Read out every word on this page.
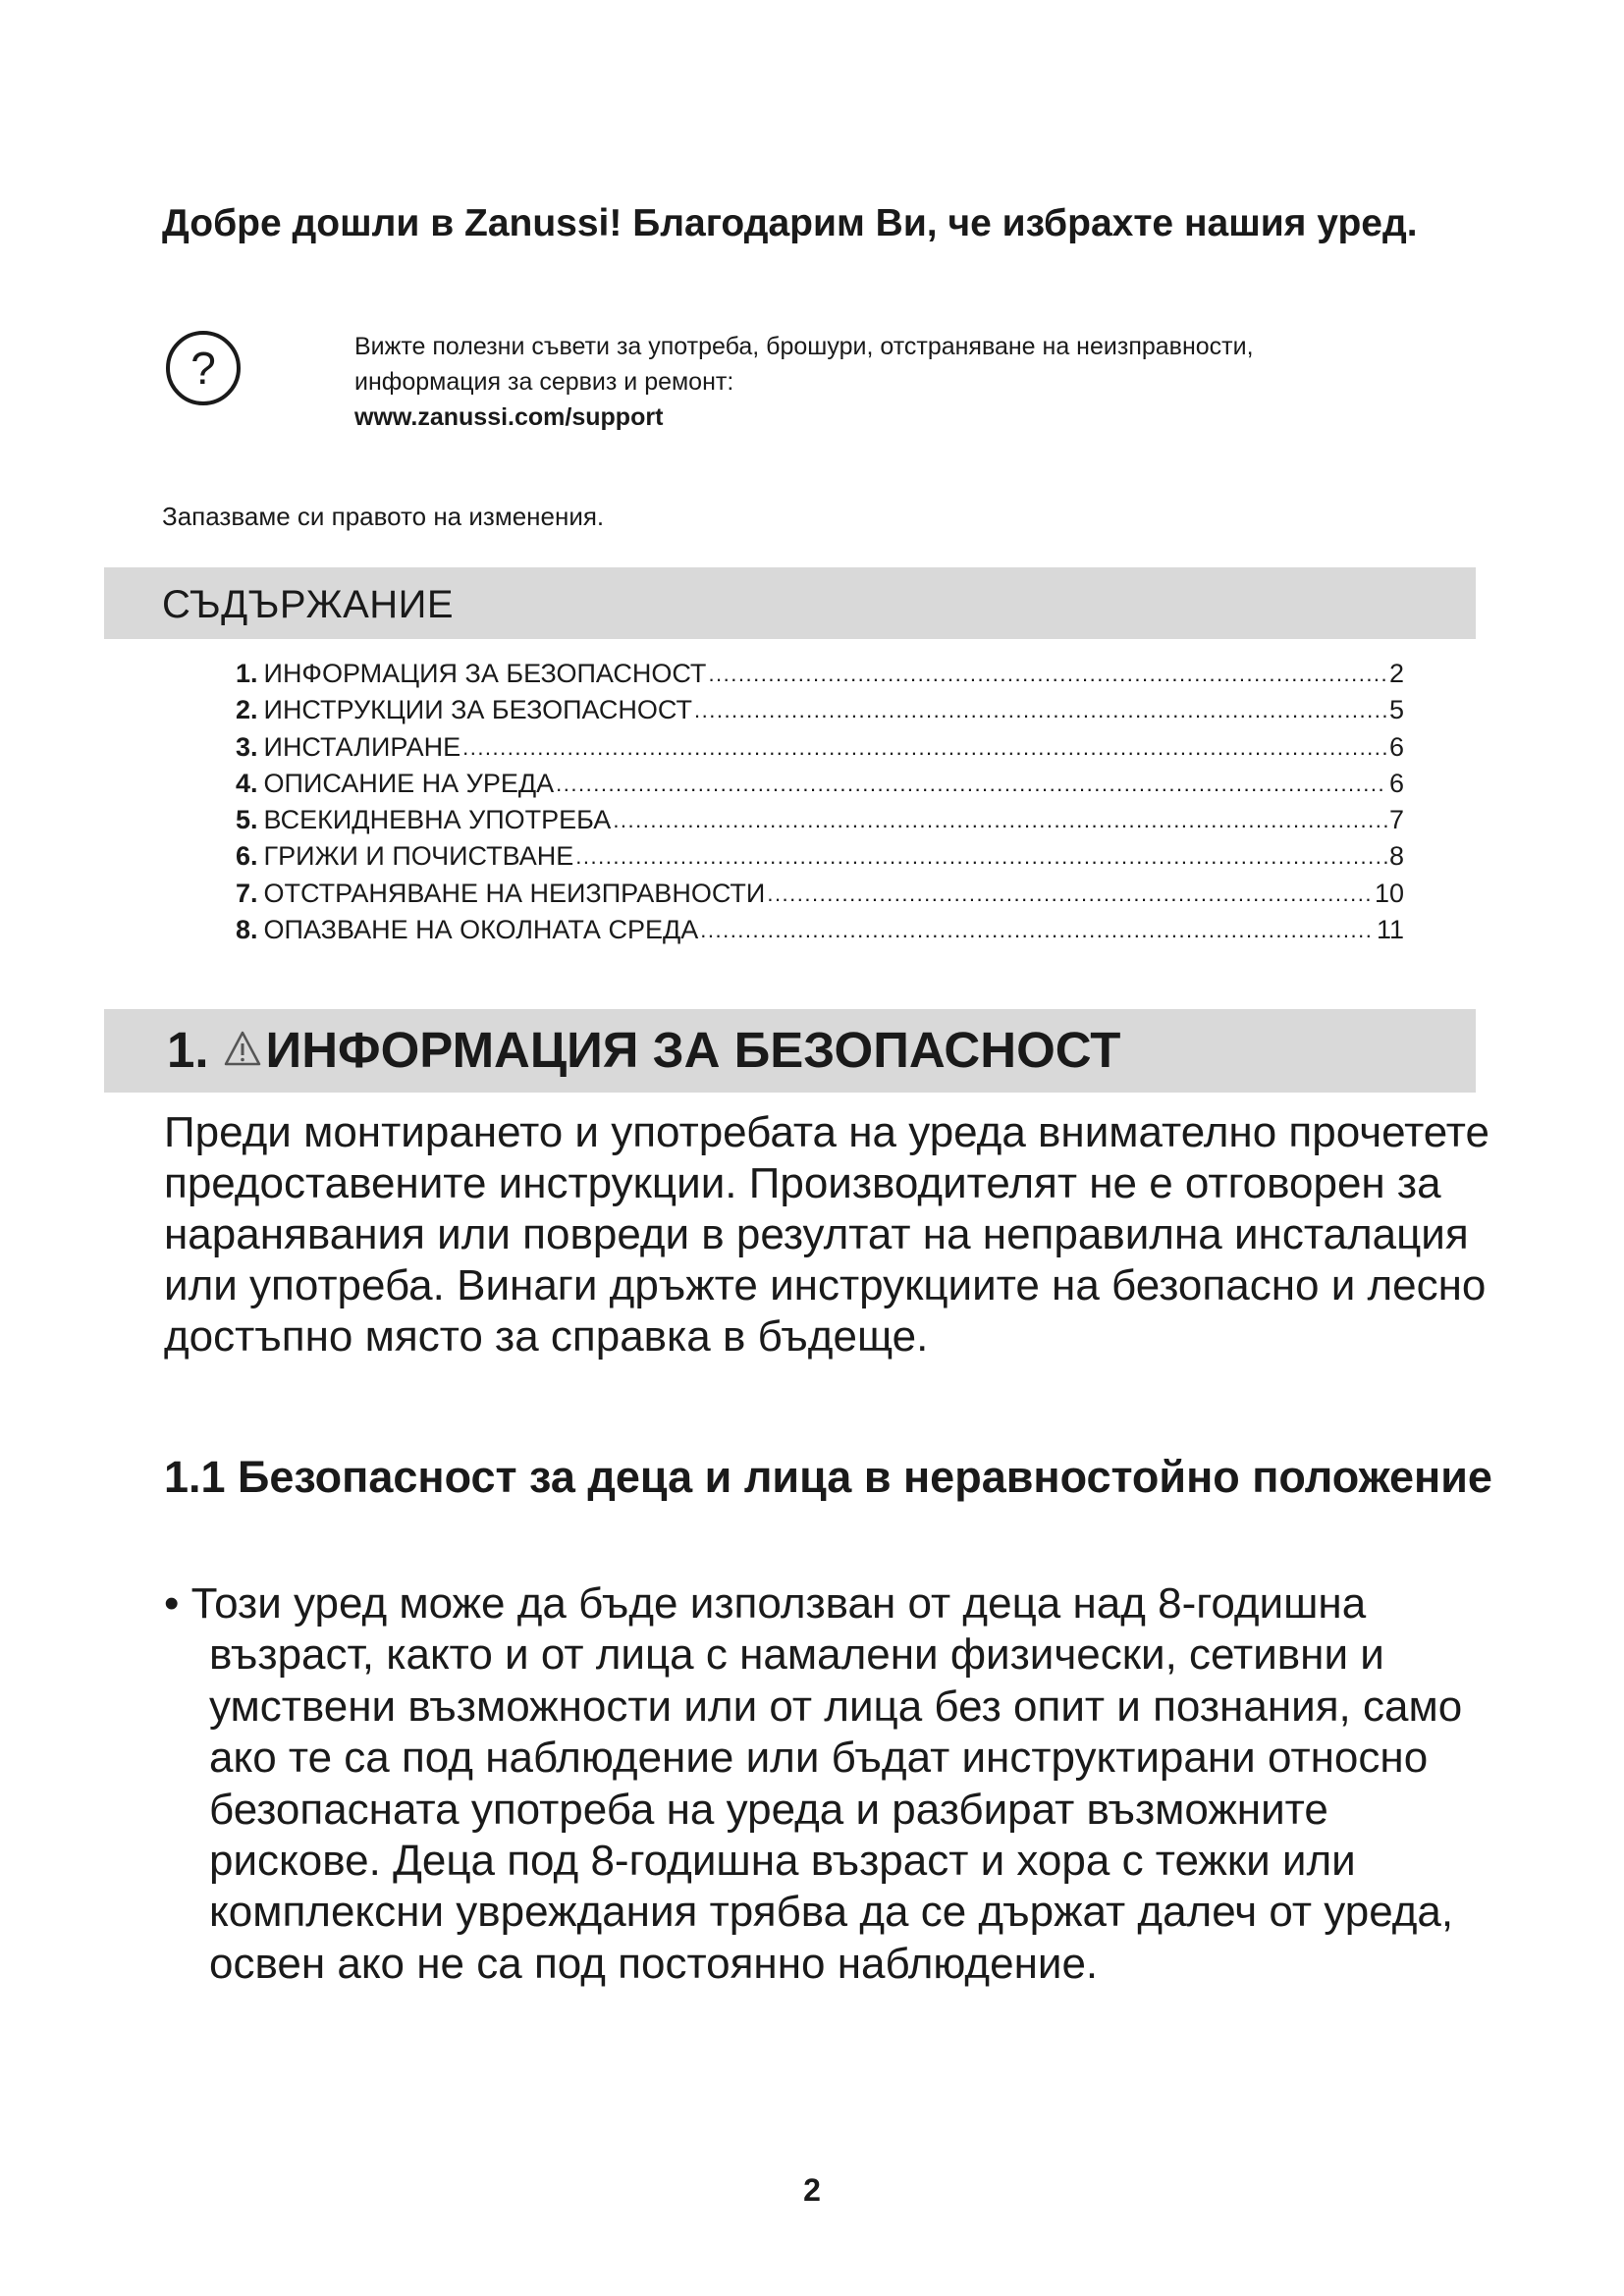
Добре дошли в Zanussi! Благодарим Ви, че избрахте нашия уред.
?	Вижте полезни съвети за употреба, брошури, отстраняване на неизправности,
информация за сервиз и ремонт:
www.zanussi.com/support
Запазваме си правото на изменения.
СЪДЪРЖАНИЕ
1. ИНФОРМАЦИЯ ЗА БЕЗОПАСНОСТ .....	2
2. ИНСТРУКЦИИ ЗА БЕЗОПАСНОСТ .....	5
3. ИНСТАЛИРАНЕ .....	6
4. ОПИСАНИЕ НА УРЕДА .....	6
5. ВСЕКИДНЕВНА УПОТРЕБА .....	7
6. ГРИЖИ И ПОЧИСТВАНЕ .....	8
7. ОТСТРАНЯВАНЕ НА НЕИЗПРАВНОСТИ .....	10
8. ОПАЗВАНЕ НА ОКОЛНАТА СРЕДА .....	11
1. ИНФОРМАЦИЯ ЗА БЕЗОПАСНОСТ
Преди монтирането и употребата на уреда внимателно прочетете предоставените инструкции. Производителят не е отговорен за наранявания или повреди в резултат на неправилна инсталация или употреба. Винаги дръжте инструкциите на безопасно и лесно достъпно място за справка в бъдеще.
1.1 Безопасност за деца и лица в неравностойно положение
• Този уред може да бъде използван от деца над 8-годишна възраст, както и от лица с намалени физически, сетивни и умствени възможности или от лица без опит и познания, само ако те са под наблюдение или бъдат инструктирани относно безопасната употреба на уреда и разбират възможните рискове. Деца под 8-годишна възраст и хора с тежки или комплексни увреждания трябва да се държат далеч от уреда, освен ако не са под постоянно наблюдение.
2
